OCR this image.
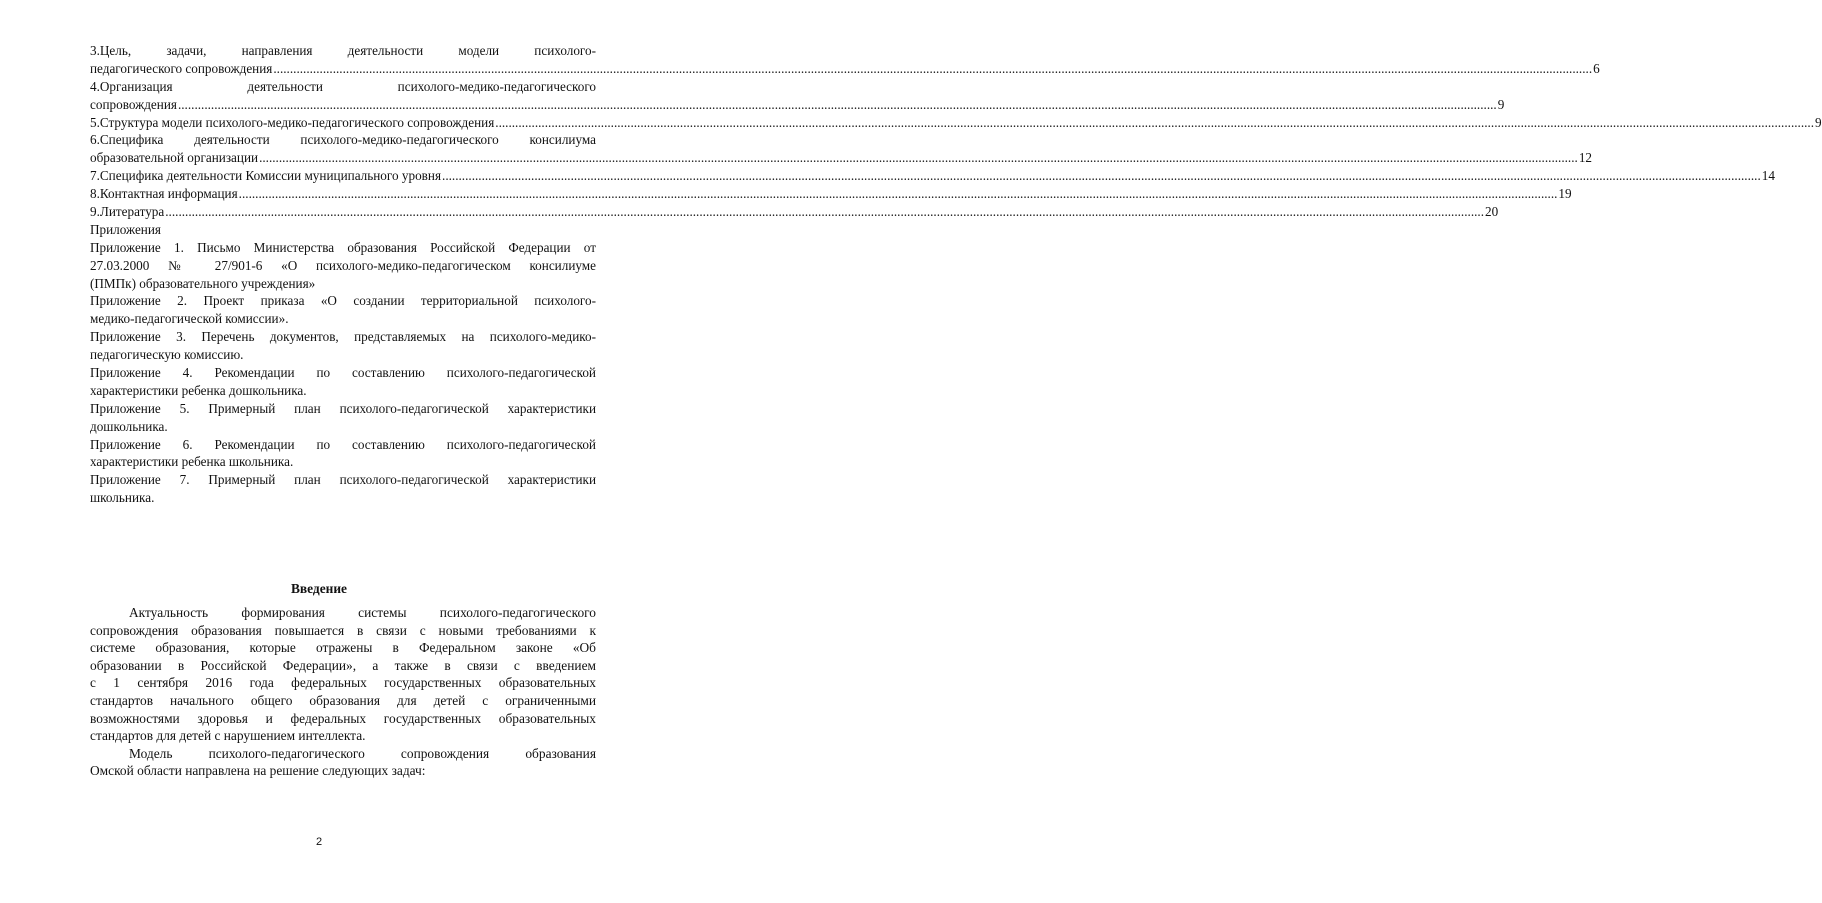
3.Цель, задачи, направления деятельности модели психолого-
педагогического сопровождения ................................................................................................................................................................................................................................................................................................................................................................................................................ 6
4.Организация деятельности психолого-медико-педагогического
сопровождения ................................................................................................................................................................................................................................................................................................................................................................................................................ 9
5.Структура модели психолого-медико-педагогического сопровождения ................................................................................................................................................................................................................................................................................................................................................................................................................ 9
6.Специфика деятельности психолого-медико-педагогического консилиума
образовательной организации ................................................................................................................................................................................................................................................................................................................................................................................................................ 12
7.Специфика деятельности Комиссии муниципального уровня ................................................................................................................................................................................................................................................................................................................................................................................................................ 14
8.Контактная информация ................................................................................................................................................................................................................................................................................................................................................................................................................ 19
9.Литература ................................................................................................................................................................................................................................................................................................................................................................................................................ 20
Приложения
Приложение 1. Письмо Министерства образования Российской Федерации от
27.03.2000 № 27/901-6 «О психолого-медико-педагогическом консилиуме
(ПМПк) образовательного учреждения»
Приложение 2. Проект приказа «О создании территориальной психолого-
медико-педагогической комиссии».
Приложение 3. Перечень документов, представляемых на психолого-медико-
педагогическую комиссию.
Приложение 4. Рекомендации по составлению психолого-педагогической
характеристики ребенка дошкольника.
Приложение 5. Примерный план психолого-педагогической характеристики
дошкольника.
Приложение 6. Рекомендации по составлению психолого-педагогической
характеристики ребенка школьника.
Приложение 7. Примерный план психолого-педагогической характеристики
школьника.
Введение
Актуальность формирования системы психолого-педагогического
сопровождения образования повышается в связи с новыми требованиями к
системе образования, которые отражены в Федеральном законе «Об
образовании в Российской Федерации», а также в связи с введением
с 1 сентября 2016 года федеральных государственных образовательных
стандартов начального общего образования для детей с ограниченными
возможностями здоровья и федеральных государственных образовательных
стандартов для детей с нарушением интеллекта.
Модель психолого-педагогического сопровождения образования
Омской области направлена на решение следующих задач:
2
